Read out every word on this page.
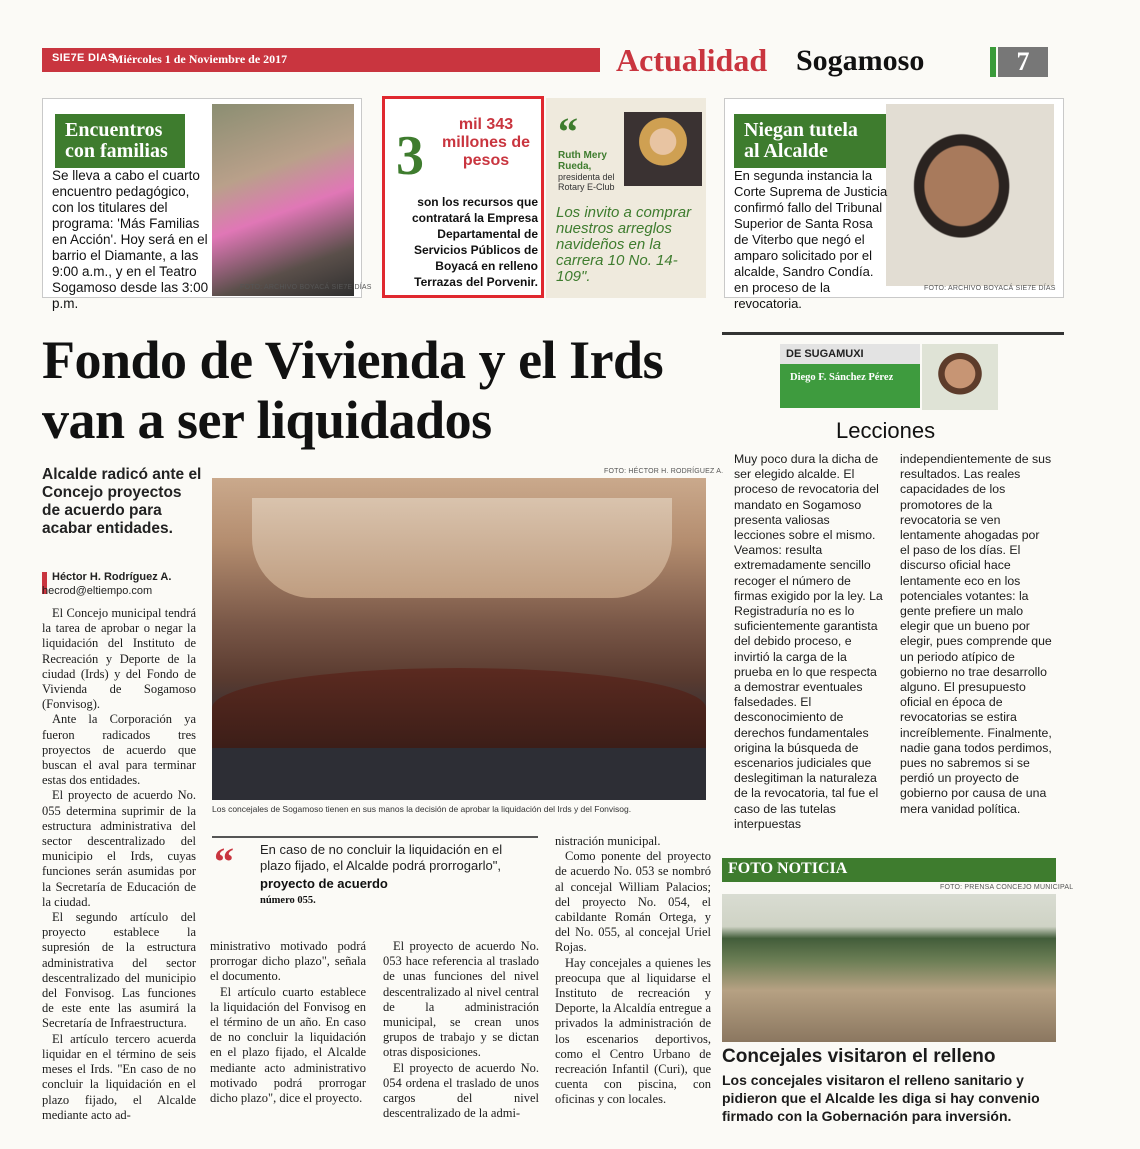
SIE7E DIAS
Miércoles 1 de Noviembre de 2017	Actualidad Sogamoso	7
Encuentros con familias
Se lleva a cabo el cuarto encuentro pedagógico, con los titulares del programa: 'Más Familias en Acción'. Hoy será en el barrio el Diamante, a las 9:00 a.m., y en el Teatro Sogamoso desde las 3:00 p.m.
FOTO: ARCHIVO BOYACÁ SIE7E DÍAS
3
mil 343 millones de pesos
son los recursos que contratará la Empresa Departamental de Servicios Públicos de Boyacá en relleno Terrazas del Porvenir.
“
Ruth Mery Rueda,
presidenta del Rotary E-Club
Los invito a comprar nuestros arreglos navideños en la carrera 10 No. 14-109".
Niegan tutela al Alcalde
En segunda instancia la Corte Suprema de Justicia confirmó fallo del Tribunal Superior de Santa Rosa de Viterbo que negó el amparo solicitado por el alcalde, Sandro Condía. en proceso de la revocatoria.
FOTO: ARCHIVO BOYACÁ SIE7E DÍAS
Fondo de Vivienda y el Irds van a ser liquidados
Alcalde radicó ante el Concejo proyectos de acuerdo para acabar entidades.
Héctor H. Rodríguez A.
hecrod@eltiempo.com

El Concejo municipal tendrá la tarea de aprobar o negar la liquidación del Instituto de Recreación y Deporte de la ciudad (Irds) y del Fondo de Vivienda de Sogamoso (Fonvisog).

Ante la Corporación ya fueron radicados tres proyectos de acuerdo que buscan el aval para terminar estas dos entidades.

El proyecto de acuerdo No. 055 determina suprimir de la estructura administrativa del sector descentralizado del municipio el Irds, cuyas funciones serán asumidas por la Secretaría de Educación de la ciudad.

El segundo artículo del proyecto establece la supresión de la estructura administrativa del sector descentralizado del municipio del Fonvisog. Las funciones de este ente las asumirá la Secretaría de Infraestructura.

El artículo tercero acuerda liquidar en el término de seis meses el Irds. "En caso de no concluir la liquidación en el plazo fijado, el Alcalde mediante acto ad-

FOTO: HÉCTOR H. RODRÍGUEZ A.
Los concejales de Sogamoso tienen en sus manos la decisión de aprobar la liquidación del Irds y del Fonvisog.
“ En caso de no concluir la liquidación en el plazo fijado, el Alcalde podrá prorrogarlo",
proyecto de acuerdo
número 055.

ministrativo motivado podrá prorrogar dicho plazo", señala el documento.

El artículo cuarto establece la liquidación del Fonvisog en el término de un año. En caso de no concluir la liquidación en el plazo fijado, el Alcalde mediante acto administrativo motivado podrá prorrogar dicho plazo", dice el proyecto.

El proyecto de acuerdo No. 053 hace referencia al traslado de unas funciones del nivel descentralizado al nivel central de la administración municipal, se crean unos grupos de trabajo y se dictan otras disposiciones.

El proyecto de acuerdo No. 054 ordena el traslado de unos cargos del nivel descentralizado de la admi-

nistración municipal.

Como ponente del proyecto de acuerdo No. 053 se nombró al concejal William Palacios; del proyecto No. 054, el cabildante Román Ortega, y del No. 055, al concejal Uriel Rojas.

Hay concejales a quienes les preocupa que al liquidarse el Instituto de recreación y Deporte, la Alcaldía entregue a privados la administración de los escenarios deportivos, como el Centro Urbano de recreación Infantil (Curi), que cuenta con piscina, con oficinas y con locales.

DE SUGAMUXI
Diego F. Sánchez Pérez
Lecciones
Muy poco dura la dicha de ser elegido alcalde. El proceso de revocatoria del mandato en Sogamoso presenta valiosas lecciones sobre el mismo. Veamos: resulta extremadamente sencillo recoger el número de firmas exigido por la ley. La Registraduría no es lo suficientemente garantista del debido proceso, e invirtió la carga de la prueba en lo que respecta a demostrar eventuales falsedades. El desconocimiento de derechos fundamentales origina la búsqueda de escenarios judiciales que deslegitiman la naturaleza de la revocatoria, tal fue el caso de las tutelas interpuestas
independientemente de sus resultados. Las reales capacidades de los promotores de la revocatoria se ven lentamente ahogadas por el paso de los días. El discurso oficial hace lentamente eco en los potenciales votantes: la gente prefiere un malo elegir que un bueno por elegir, pues comprende que un periodo atípico de gobierno no trae desarrollo alguno. El presupuesto oficial en época de revocatorias se estira increíblemente. Finalmente, nadie gana todos perdimos, pues no sabremos si se perdió un proyecto de gobierno por causa de una mera vanidad política.
FOTO NOTICIA
FOTO: PRENSA CONCEJO MUNICIPAL
Concejales visitaron el relleno
Los concejales visitaron el relleno sanitario y pidieron que el Alcalde les diga si hay convenio firmado con la Gobernación para inversión.
